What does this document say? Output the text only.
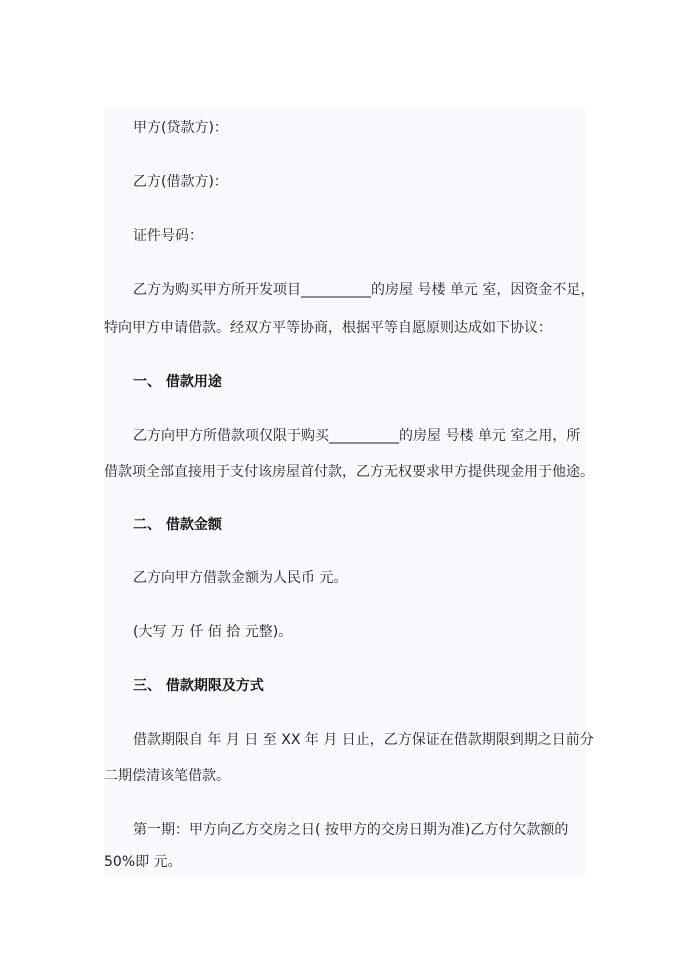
甲方(贷款方)：
乙方(借款方)：
证件号码：
乙方为购买甲方所开发项目__________的房屋 号楼 单元 室，因资金不足，
特向甲方申请借款。经双方平等协商，根据平等自愿原则达成如下协议：
一、 借款用途
乙方向甲方所借款项仅限于购买__________的房屋 号楼 单元 室之用，所
借款项全部直接用于支付该房屋首付款，乙方无权要求甲方提供现金用于他途。
二、 借款金额
乙方向甲方借款金额为人民币 元。
(大写 万 仟 佰 拾 元整)。
三、 借款期限及方式
借款期限自 年 月 日 至 XX 年 月 日止，乙方保证在借款期限到期之日前分
二期偿清该笔借款。
第一期：甲方向乙方交房之日( 按甲方的交房日期为准)乙方付欠款额的
50%即 元。
